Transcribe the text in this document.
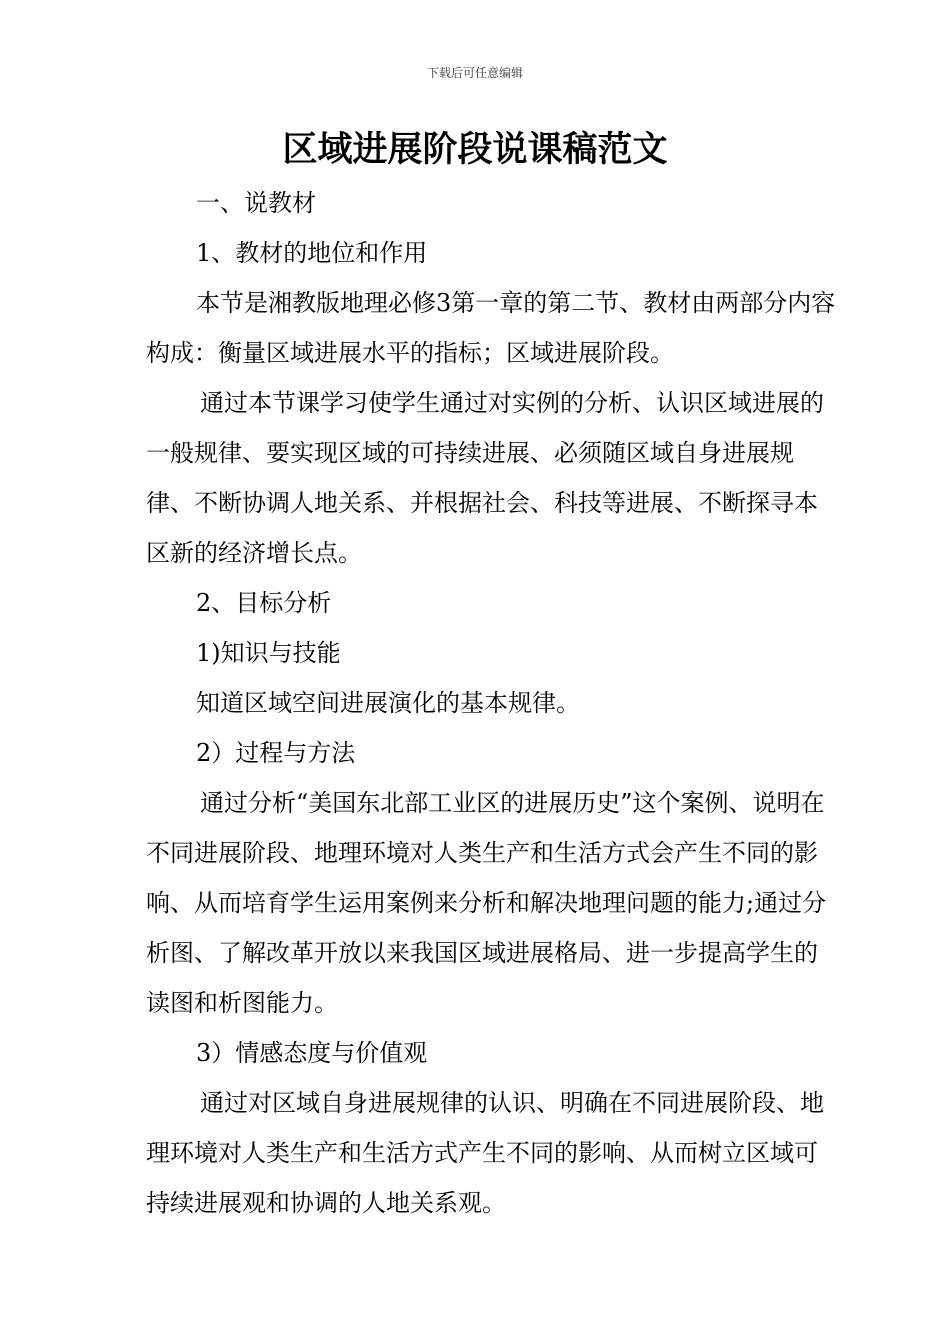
下载后可任意编辑
区域进展阶段说课稿范文

一、说教材

1、教材的地位和作用

本节是湘教版地理必修3第一章的第二节、教材由两部分内容构成：衡量区域进展水平的指标；区域进展阶段。

通过本节课学习使学生通过对实例的分析、认识区域进展的一般规律、要实现区域的可持续进展、必须随区域自身进展规律、不断协调人地关系、并根据社会、科技等进展、不断探寻本区新的经济增长点。

2、目标分析

1)知识与技能

知道区域空间进展演化的基本规律。

2）过程与方法

通过分析“美国东北部工业区的进展历史”这个案例、说明在不同进展阶段、地理环境对人类生产和生活方式会产生不同的影响、从而培育学生运用案例来分析和解决地理问题的能力;通过分析图、了解改革开放以来我国区域进展格局、进一步提高学生的读图和析图能力。

3）情感态度与价值观

通过对区域自身进展规律的认识、明确在不同进展阶段、地理环境对人类生产和生活方式产生不同的影响、从而树立区域可持续进展观和协调的人地关系观。
